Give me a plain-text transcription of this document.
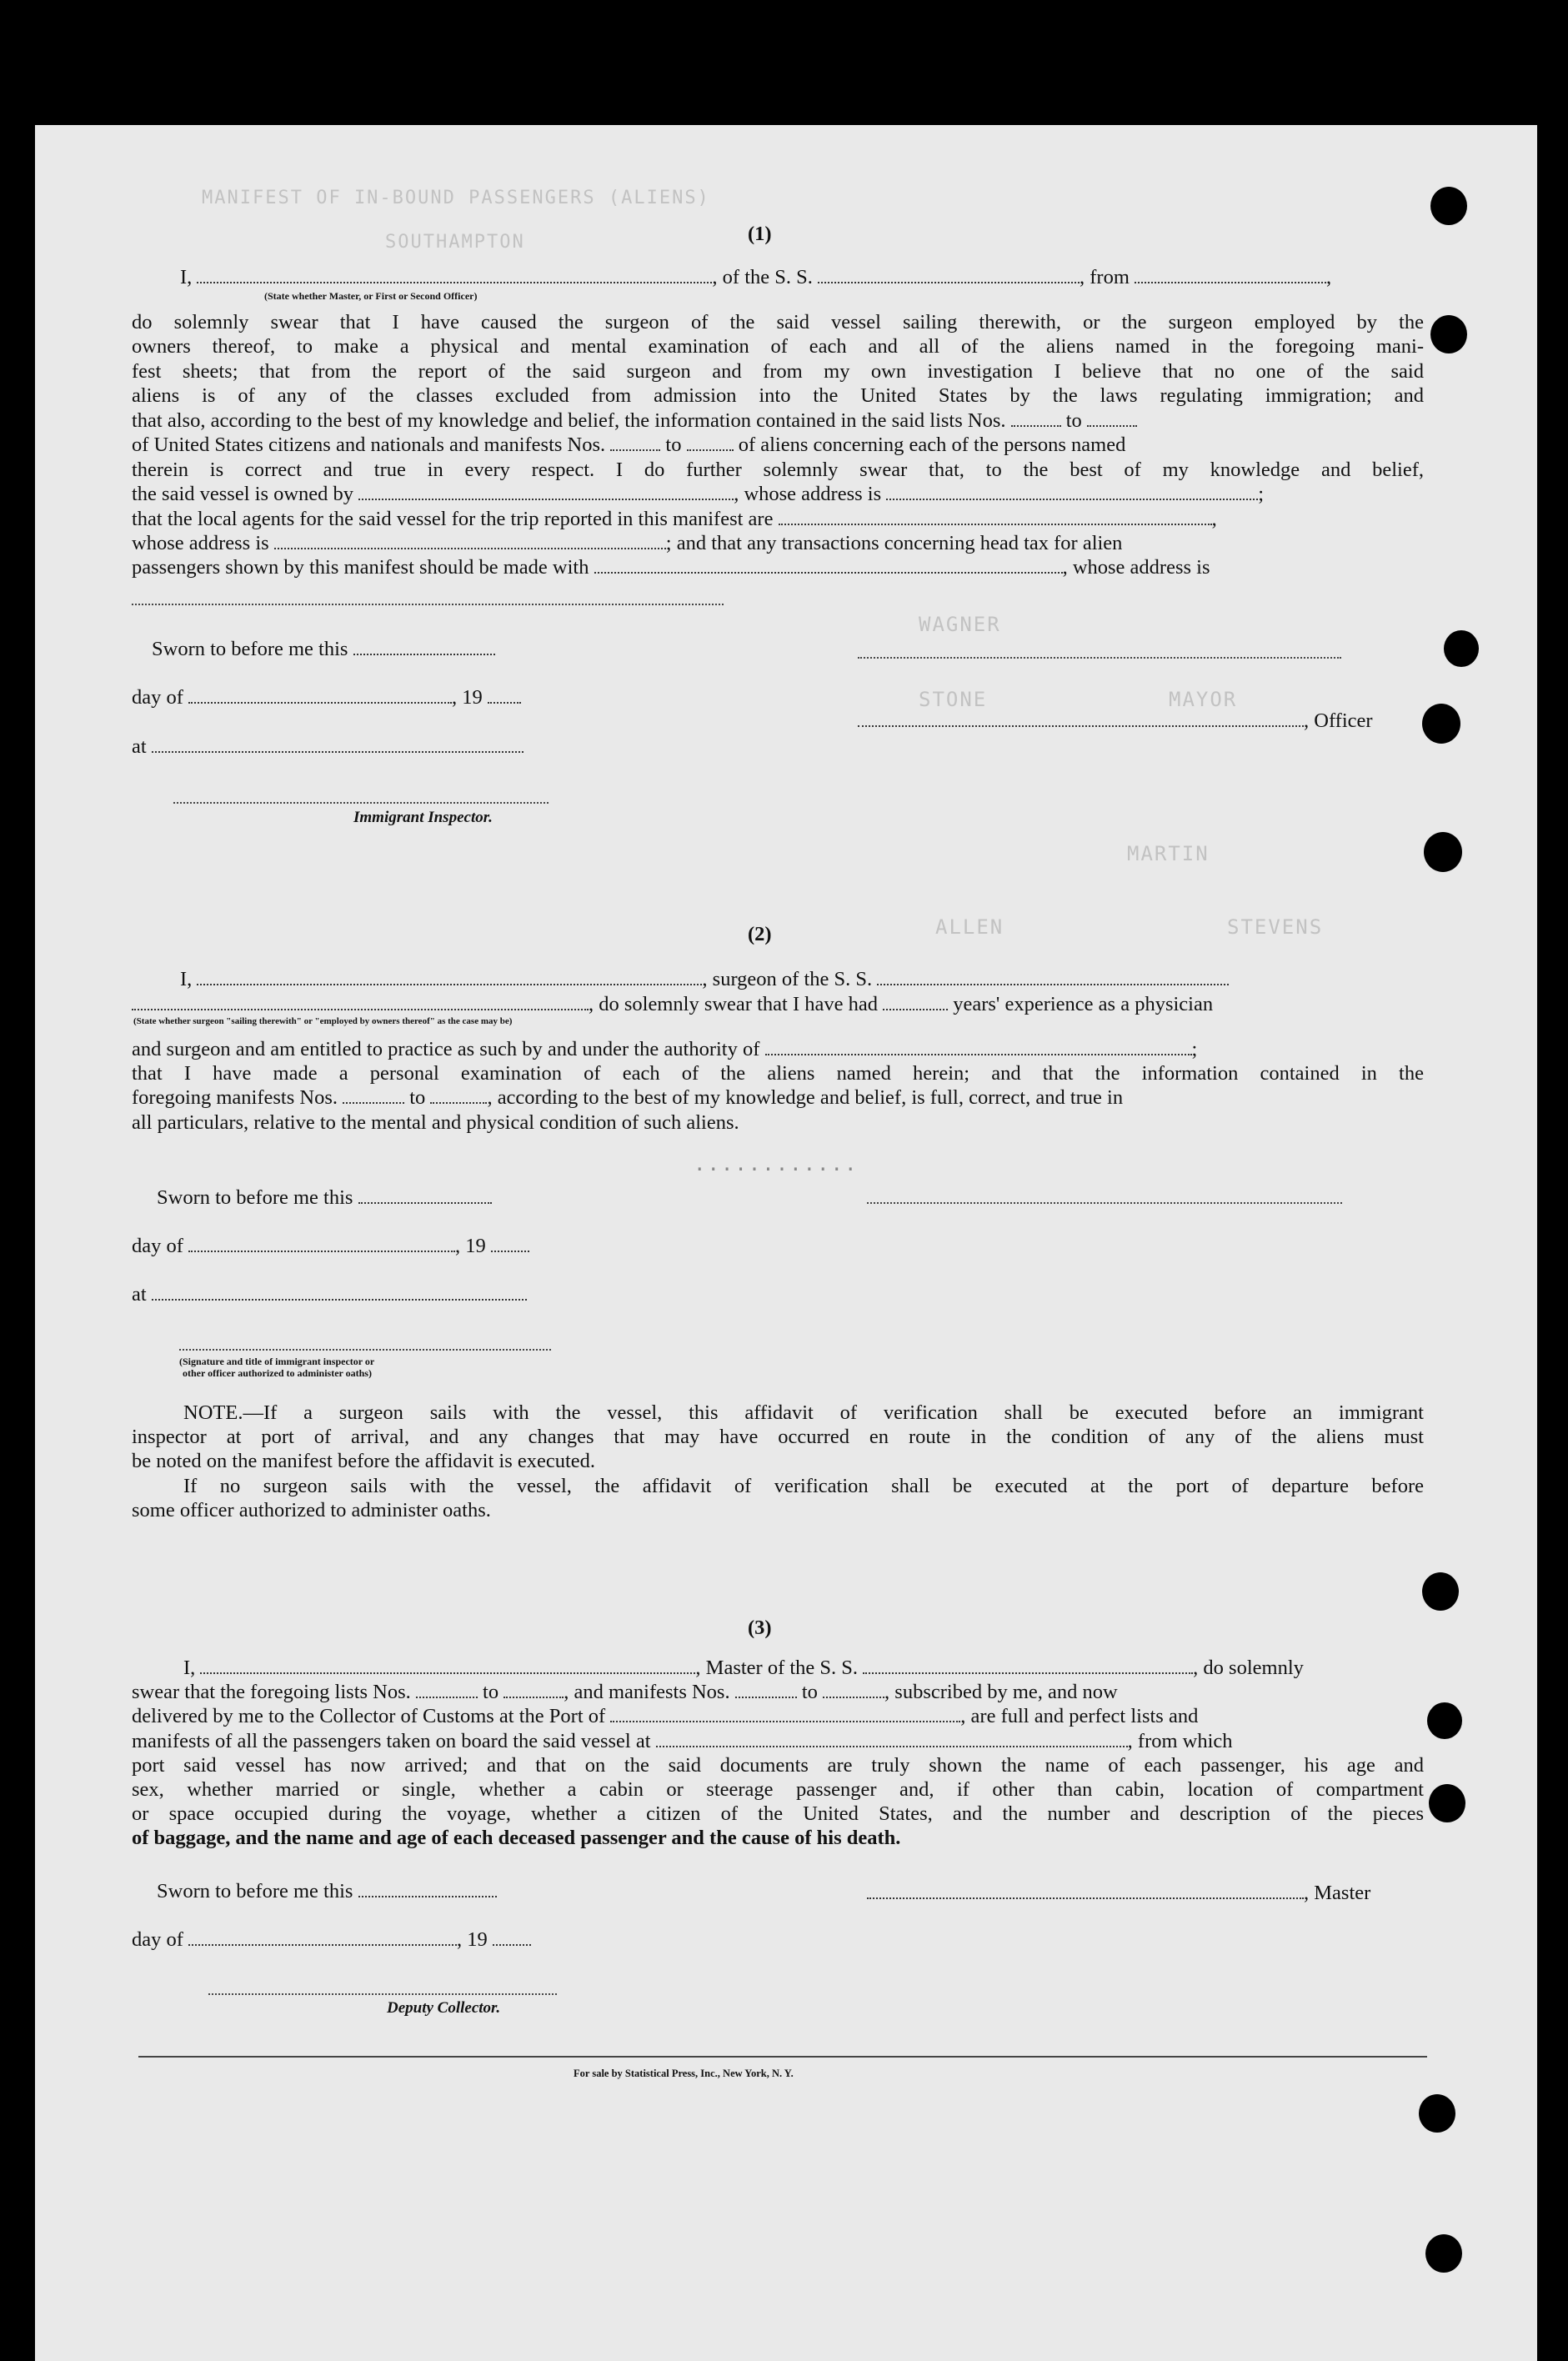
MANIFEST OF IN-BOUND PASSENGERS (ALIENS)
SOUTHAMPTON
WAGNER
STONE	MAYOR
MARTIN
STEVENS
ALLEN
............
(1)
I,	, of the S. S.	, from	,
(State whether Master, or First or Second Officer)
do solemnly swear that I have caused the surgeon of the said vessel sailing therewith, or the surgeon employed by the
owners thereof, to make a physical and mental examination of each and all of the aliens named in the foregoing mani-
fest sheets; that from the report of the said surgeon and from my own investigation I believe that no one of the said
aliens is of any of the classes excluded from admission into the United States by the laws regulating immigration; and
that also, according to the best of my knowledge and belief, the information contained in the said lists Nos.	to
of United States citizens and nationals and manifests Nos.	to	of aliens concerning each of the persons named
therein is correct and true in every respect. I do further solemnly swear that, to the best of my knowledge and belief,
the said vessel is owned by	, whose address is	;
that the local agents for the said vessel for the trip reported in this manifest are	,
whose address is	; and that any transactions concerning head tax for alien
passengers shown by this manifest should be made with	, whose address is
Sworn to before me this
day of	, 19
, Officer
at
Immigrant Inspector.
(2)
I,	, surgeon of the S. S.
, do solemnly swear that I have had	years' experience as a physician
(State whether surgeon "sailing therewith" or "employed by owners thereof" as the case may be)
and surgeon and am entitled to practice as such by and under the authority of	;
that I have made a personal examination of each of the aliens named herein; and that the information contained in the
foregoing manifests Nos.	to	, according to the best of my knowledge and belief, is full, correct, and true in
all particulars, relative to the mental and physical condition of such aliens.
Sworn to before me this
day of	, 19
at
(Signature and title of immigrant inspector or
other officer authorized to administer oaths)
NOTE.—If a surgeon sails with the vessel, this affidavit of verification shall be executed before an immigrant
inspector at port of arrival, and any changes that may have occurred en route in the condition of any of the aliens must
be noted on the manifest before the affidavit is executed.
If no surgeon sails with the vessel, the affidavit of verification shall be executed at the port of departure before
some officer authorized to administer oaths.
(3)
I,	, Master of the S. S.	, do solemnly
swear that the foregoing lists Nos.	to	, and manifests Nos.	to	, subscribed by me, and now
delivered by me to the Collector of Customs at the Port of	, are full and perfect lists and
manifests of all the passengers taken on board the said vessel at	, from which
port said vessel has now arrived; and that on the said documents are truly shown the name of each passenger, his age and
sex, whether married or single, whether a cabin or steerage passenger and, if other than cabin, location of compartment
or space occupied during the voyage, whether a citizen of the United States, and the number and description of the pieces
of baggage, and the name and age of each deceased passenger and the cause of his death.
Sworn to before me this	, Master
day of	, 19
Deputy Collector.
For sale by Statistical Press, Inc., New York, N. Y.
